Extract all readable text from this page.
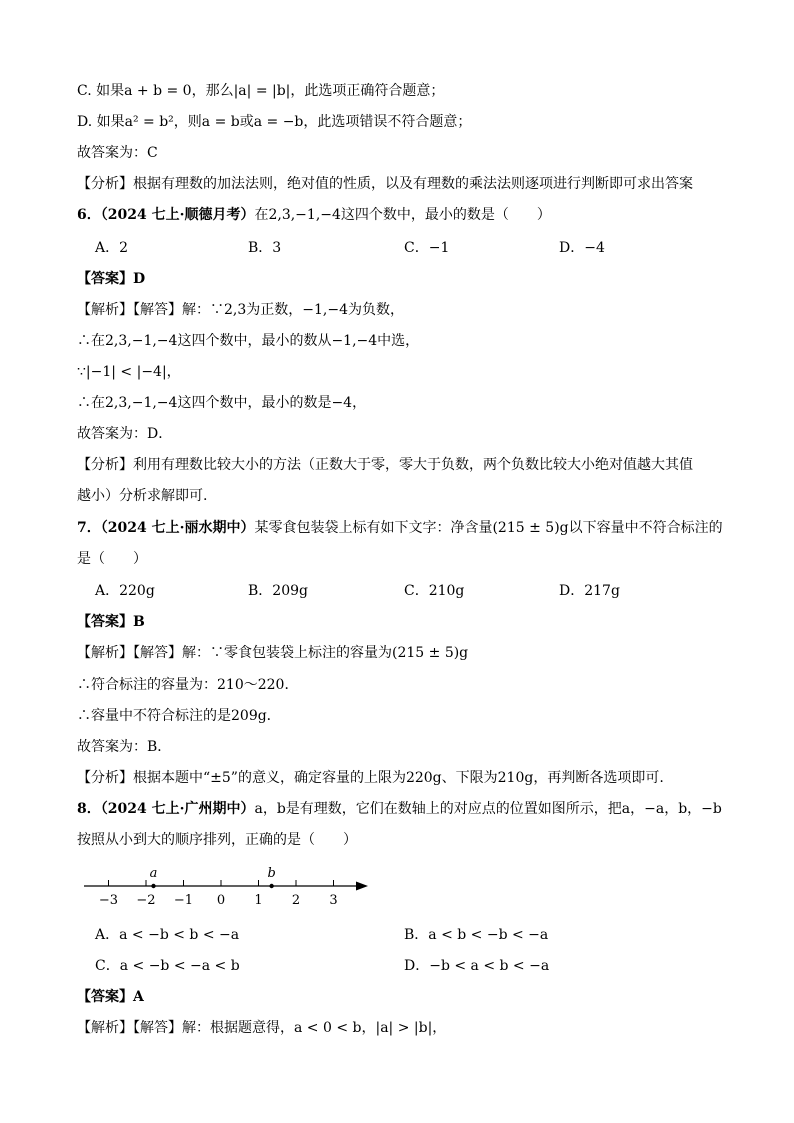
C. 如果a + b = 0，那么|a| = |b|，此选项正确符合题意；
D. 如果a² = b²，则a = b或a = −b，此选项错误不符合题意；
故答案为：C
【分析】根据有理数的加法法则，绝对值的性质，以及有理数的乘法法则逐项进行判断即可求出答案
6．（2024 七上·顺德月考）在2,3,−1,−4这四个数中，最小的数是（　　）
A．2	B．3	C．−1	D．−4
【答案】D
【解析】【解答】解：∵2,3为正数，−1,−4为负数，
∴在2,3,−1,−4这四个数中，最小的数从−1,−4中选，
∵|−1| < |−4|，
∴在2,3,−1,−4这四个数中，最小的数是−4，
故答案为：D．
【分析】利用有理数比较大小的方法（正数大于零，零大于负数，两个负数比较大小绝对值越大其值
越小）分析求解即可.
7．（2024 七上·丽水期中）某零食包装袋上标有如下文字：净含量(215 ± 5)g以下容量中不符合标注的
是（　　）
A．220g	B．209g	C．210g	D．217g
【答案】B
【解析】【解答】解：∵零食包装袋上标注的容量为(215 ± 5)g
∴符合标注的容量为：210～220．
∴容量中不符合标注的是209g．
故答案为：B．
【分析】根据本题中“±5”的意义，确定容量的上限为220g、下限为210g，再判断各选项即可.
8．（2024 七上·广州期中）a，b是有理数，它们在数轴上的对应点的位置如图所示，把a，−a，b，−b
按照从小到大的顺序排列，正确的是（　　）
−3 −2 −1 0 1 2 3
a	b
A．a < −b < b < −a	B．a < b < −b < −a
C．a < −b < −a < b	D．−b < a < b < −a
【答案】A
【解析】【解答】解：根据题意得，a < 0 < b，|a| > |b|，
